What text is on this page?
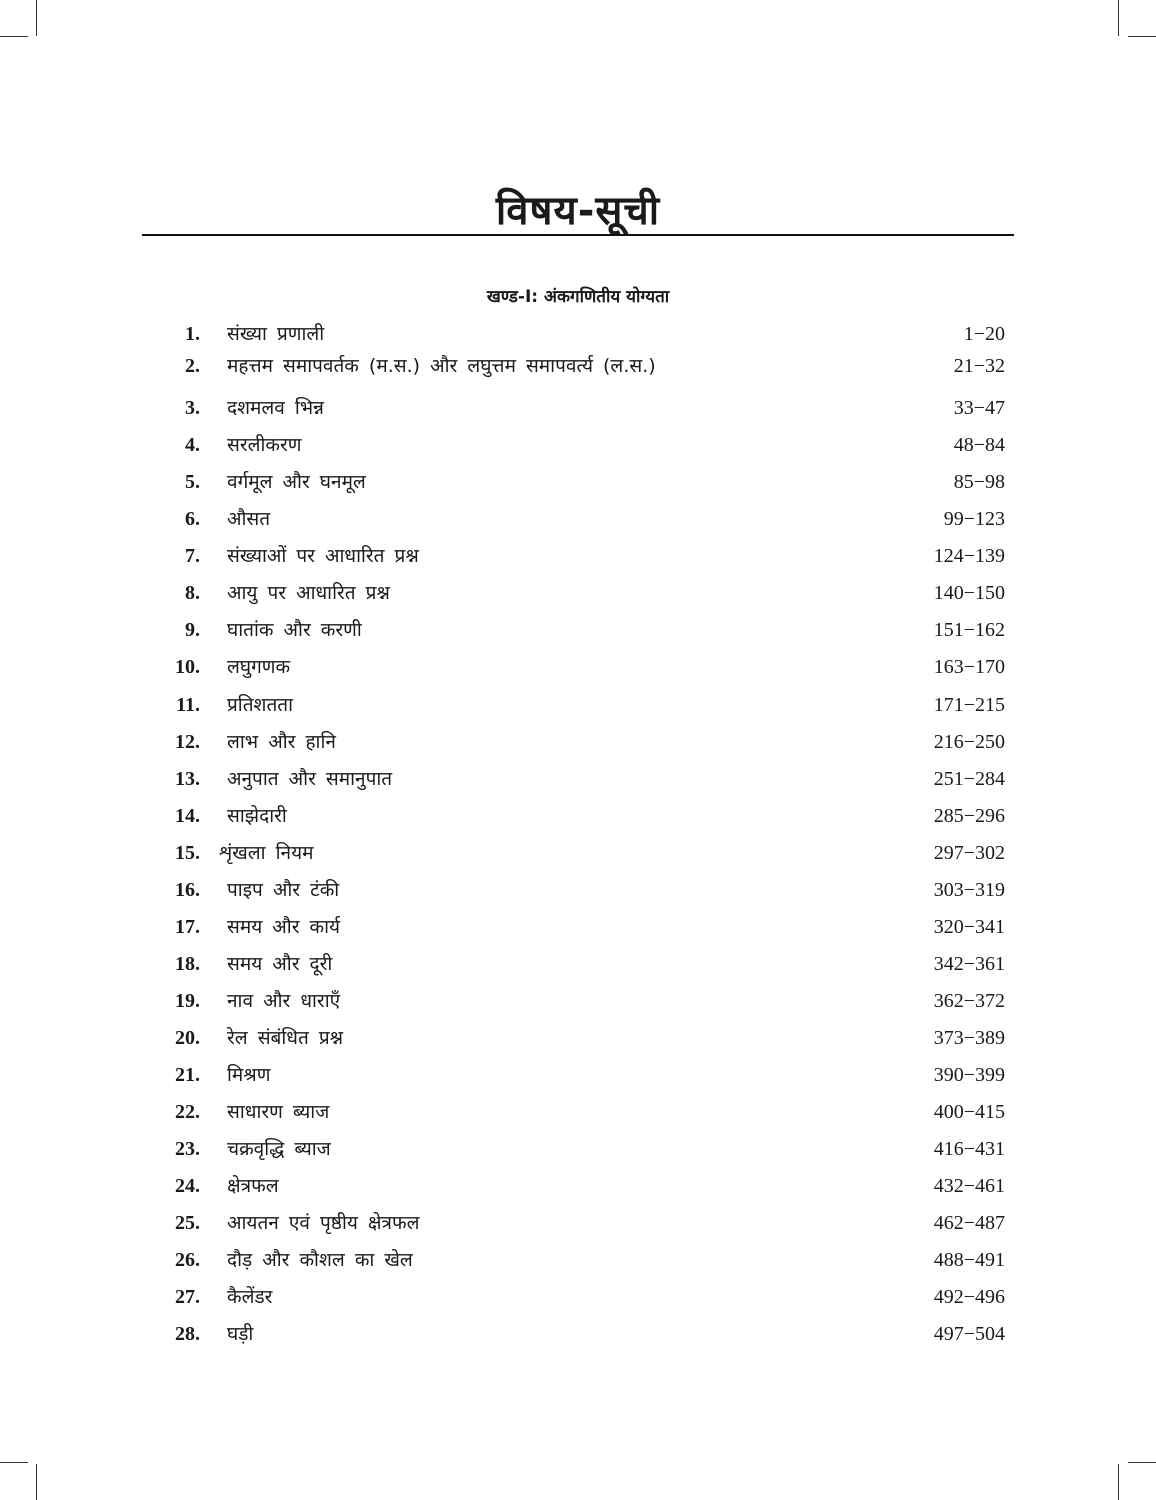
विषय-सूची
खण्ड-I: अंकगणितीय योग्यता
1. संख्या प्रणाली	1−20
2. महत्तम समापवर्तक (म.स.) और लघुत्तम समापवर्त्य (ल.स.)	21−32
3. दशमलव भिन्न	33−47
4. सरलीकरण	48−84
5. वर्गमूल और घनमूल	85−98
6. औसत	99−123
7. संख्याओं पर आधारित प्रश्न	124−139
8. आयु पर आधारित प्रश्न	140−150
9. घातांक और करणी	151−162
10. लघुगणक	163−170
11. प्रतिशतता	171−215
12. लाभ और हानि	216−250
13. अनुपात और समानुपात	251−284
14. साझेदारी	285−296
15. शृंखला नियम	297−302
16. पाइप और टंकी	303−319
17. समय और कार्य	320−341
18. समय और दूरी	342−361
19. नाव और धाराएँ	362−372
20. रेल संबंधित प्रश्न	373−389
21. मिश्रण	390−399
22. साधारण ब्याज	400−415
23. चक्रवृद्धि ब्याज	416−431
24. क्षेत्रफल	432−461
25. आयतन एवं पृष्ठीय क्षेत्रफल	462−487
26. दौड़ और कौशल का खेल	488−491
27. कैलेंडर	492−496
28. घड़ी	497−504
